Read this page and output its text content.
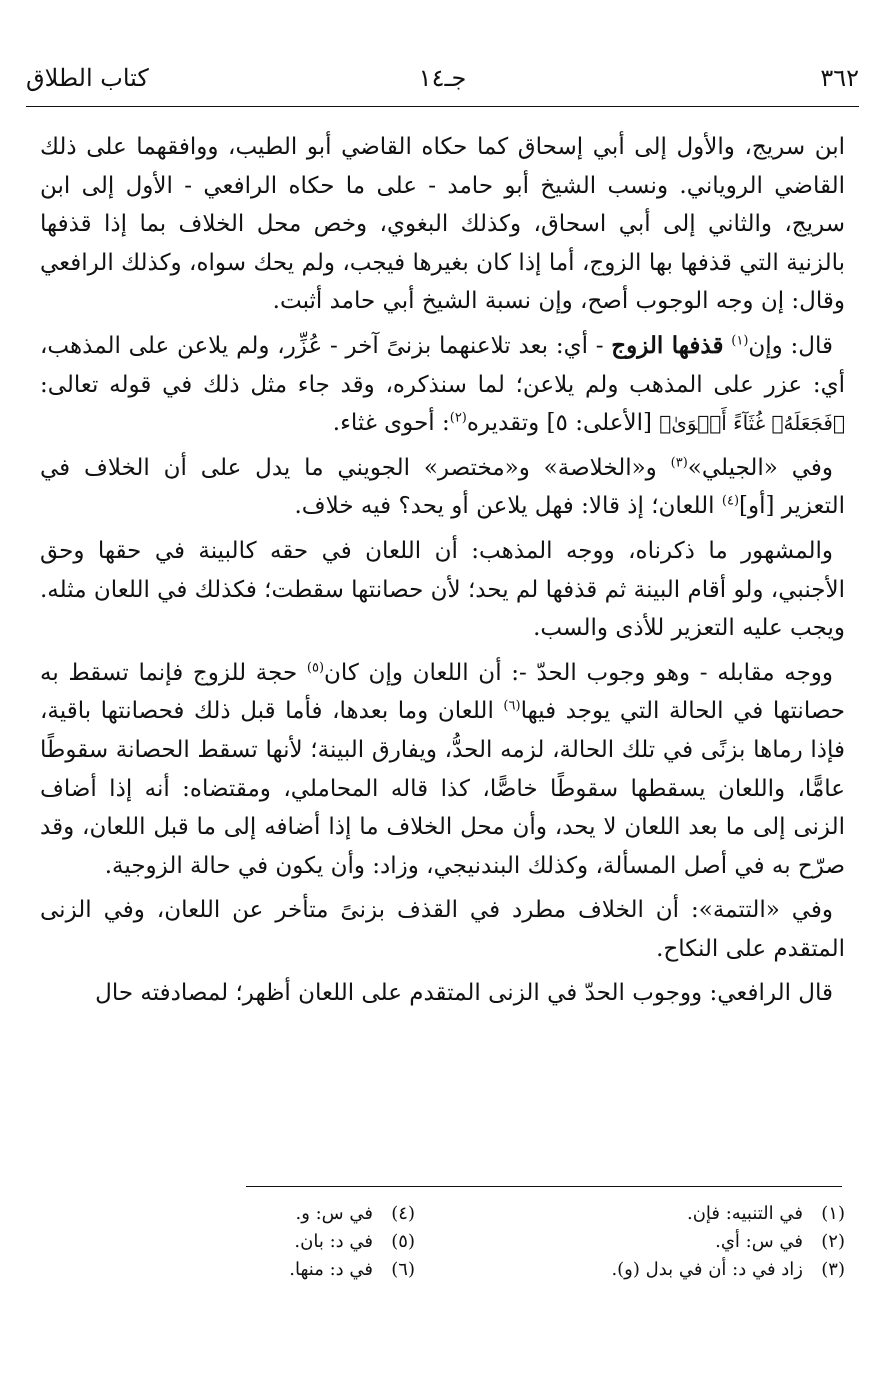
٣٦٢
جـ١٤
كتاب الطلاق

ابن سريج، والأول إلى أبي إسحاق كما حكاه القاضي أبو الطيب، ووافقهما على ذلك القاضي الروياني. ونسب الشيخ أبو حامد - على ما حكاه الرافعي - الأول إلى ابن سريج، والثاني إلى أبي اسحاق، وكذلك البغوي، وخص محل الخلاف بما إذا قذفها بالزنية التي قذفها بها الزوج، أما إذا كان بغيرها فيجب، ولم يحك سواه، وكذلك الرافعي وقال: إن وجه الوجوب أصح، وإن نسبة الشيخ أبي حامد أثبت.

قال: وإن$^{(١)}$ قذفها الزوج - أي: بعد تلاعنهما بزنىً آخر - عُزِّر، ولم يلاعن على المذهب، أي: عزر على المذهب ولم يلاعن؛ لما سنذكره، وقد جاء مثل ذلك في قوله تعالى: ﴿فَجَعَلَهُۥ غُثَآءً أَحۡوَىٰ﴾ [الأعلى: ٥] وتقديره$^{(٢)}$: أحوى غثاء.

وفي «الجيلي»$^{(٣)}$ و«الخلاصة» و«مختصر» الجويني ما يدل على أن الخلاف في التعزير [أو]$^{(٤)}$ اللعان؛ إذ قالا: فهل يلاعن أو يحد؟ فيه خلاف.

والمشهور ما ذكرناه، ووجه المذهب: أن اللعان في حقه كالبينة في حقها وحق الأجنبي، ولو أقام البينة ثم قذفها لم يحد؛ لأن حصانتها سقطت؛ فكذلك في اللعان مثله. ويجب عليه التعزير للأذى والسب.

ووجه مقابله - وهو وجوب الحدّ -: أن اللعان وإن كان$^{(٥)}$ حجة للزوج فإنما تسقط به حصانتها في الحالة التي يوجد فيها$^{(٦)}$ اللعان وما بعدها، فأما قبل ذلك فحصانتها باقية، فإذا رماها بزنًى في تلك الحالة، لزمه الحدُّ، ويفارق البينة؛ لأنها تسقط الحصانة سقوطًا عامًّا، واللعان يسقطها سقوطًا خاصًّا، كذا قاله المحاملي، ومقتضاه: أنه إذا أضاف الزنى إلى ما بعد اللعان لا يحد، وأن محل الخلاف ما إذا أضافه إلى ما قبل اللعان، وقد صرّح به في أصل المسألة، وكذلك البندنيجي، وزاد: وأن يكون في حالة الزوجية.

وفي «التتمة»: أن الخلاف مطرد في القذف بزنىً متأخر عن اللعان، وفي الزنى المتقدم على النكاح.

قال الرافعي: ووجوب الحدّ في الزنى المتقدم على اللعان أظهر؛ لمصادفته حال

(١)في التنبيه: فإن.
(٢)في س: أي.
(٣)زاد في د: أن في بدل (و).
(٤)في س: و.
(٥)في د: بان.
(٦)في د: منها.
